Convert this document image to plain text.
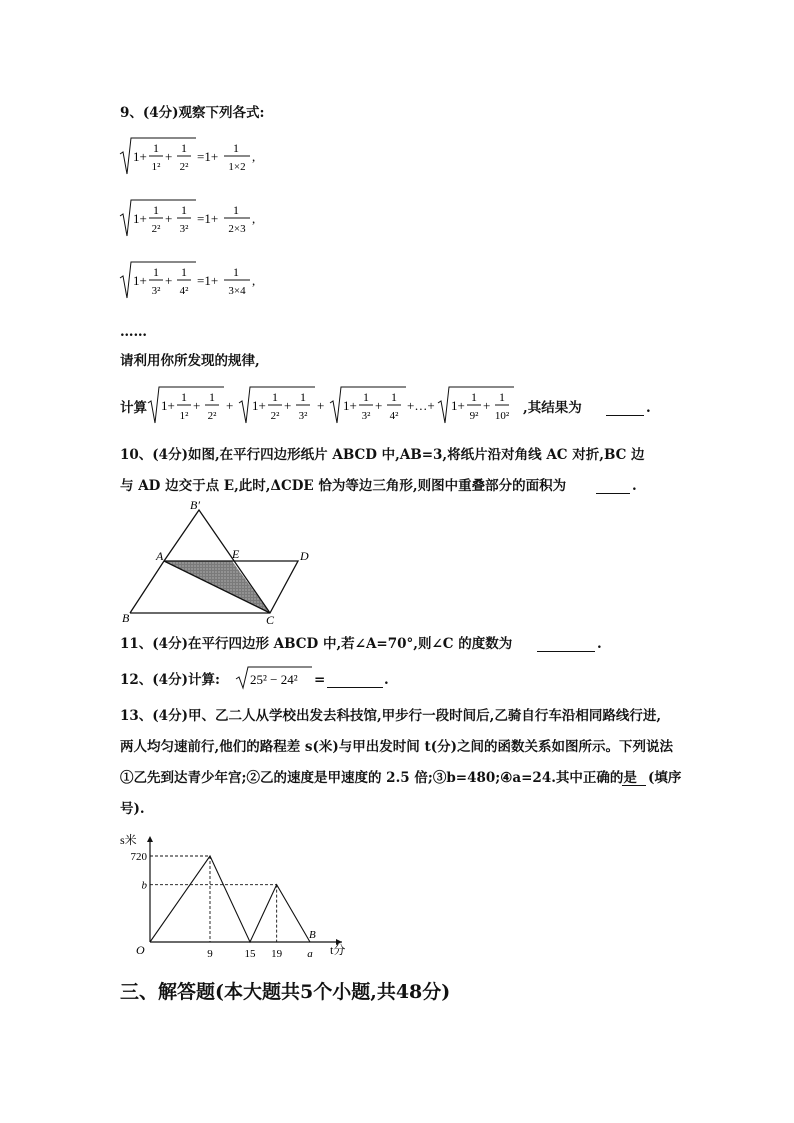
9、(4分)观察下列各式:
1+
1
1²
+
1
2²
=1+
1
1×2
,
1+
1
2²
+
1
3²
=1+
1
2×3
,
1+
1
3²
+
1
4²
=1+
1
3×4
,
……
请利用你所发现的规律,
计算 1+
1
1²
+
1
2²
+ 1+
1
2²
+
1
3²
+ 1+
1
3²
+
1
4²
+…+ 1+
1
9²
+
1
10² ,其结果为	.
10、(4分)如图,在平行四边形纸片 ABCD 中,AB=3,将纸片沿对角线 AC 对折,BC 边
与 AD 边交于点 E,此时,ΔCDE 恰为等边三角形,则图中重叠部分的面积为	.
B′
A	E	D
B	C
11、(4分)在平行四边形 ABCD 中,若∠A=70°,则∠C 的度数为	.
12、(4分)计算: 25² − 24² =	.
13、(4分)甲、乙二人从学校出发去科技馆,甲步行一段时间后,乙骑自行车沿相同路线行进,
两人均匀速前行,他们的路程差 s(米)与甲出发时间 t(分)之间的函数关系如图所示。下列说法
①乙先到达青少年宫;②乙的速度是甲速度的 2.5 倍;③b=480;④a=24.其中正确的是 (填序
号).
s米
t分
O	9	15 19 a
720
b
B
三、解答题(本大题共5个小题,共48分)
